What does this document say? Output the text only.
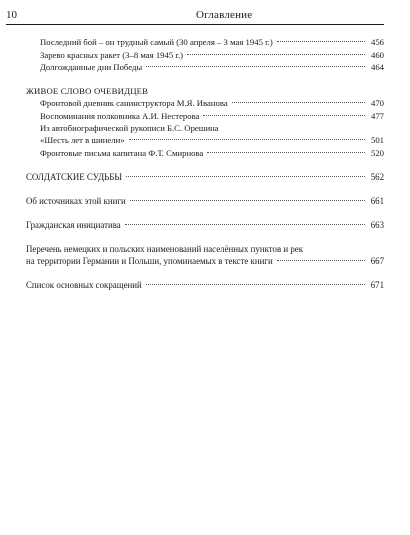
10	Оглавление
Последний бой – он трудный самый (30 апреля – 3 мая 1945 г.)	456
Зарево красных ракет (3–8 мая 1945 г.)	460
Долгожданные дни Победы	464
ЖИВОЕ СЛОВО ОЧЕВИДЦЕВ
Фронтовой дневник санинструктора М.Я. Иванова	470
Воспоминания полковника А.И. Нестерова	477
Из автобиографической рукописи Б.С. Орешина
«Шесть лет в шинели»	501
Фронтовые письма капитана Ф.Т. Смирнова	520
СОЛДАТСКИЕ СУДЬБЫ	562
Об источниках этой книги	661
Гражданская инициатива	663
Перечень немецких и польских наименований населённых пунктов и рек
на территории Германии и Польши, упоминаемых в тексте книги	667
Список основных сокращений	671
